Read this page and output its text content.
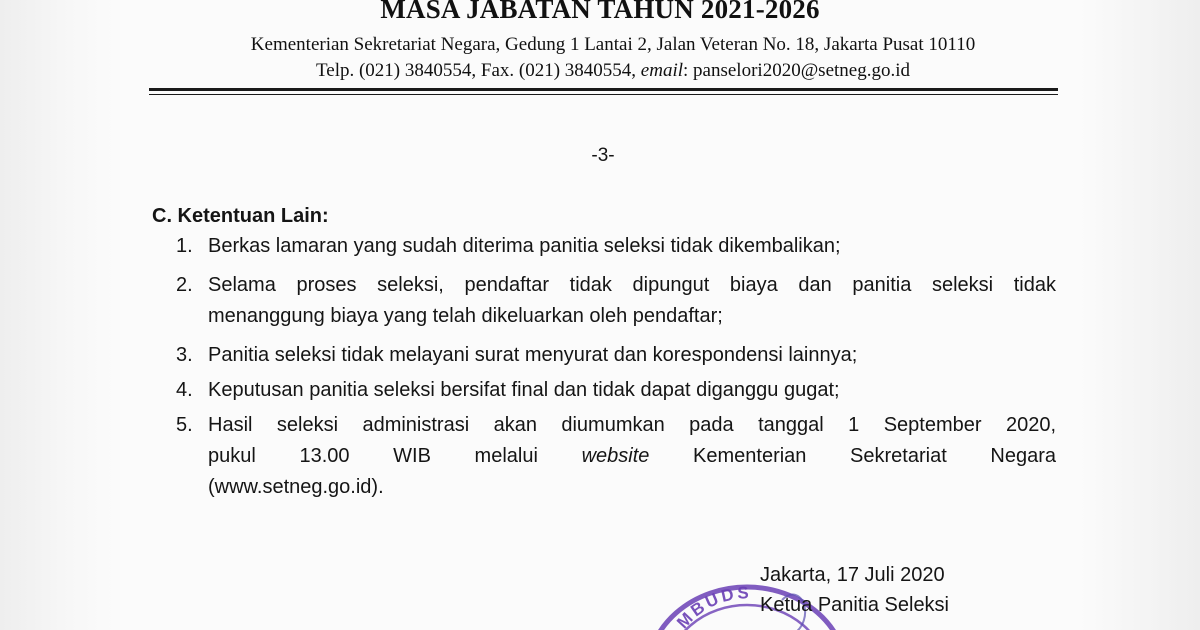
MASA JABATAN TAHUN 2021-2026
Kementerian Sekretariat Negara, Gedung 1 Lantai 2, Jalan Veteran No. 18, Jakarta Pusat 10110
Telp. (021) 3840554, Fax. (021) 3840554, email: panselori2020@setneg.go.id
-3-
C. Ketentuan Lain:
1. Berkas lamaran yang sudah diterima panitia seleksi tidak dikembalikan;
2. Selama proses seleksi, pendaftar tidak dipungut biaya dan panitia seleksi tidak
menanggung biaya yang telah dikeluarkan oleh pendaftar;
3. Panitia seleksi tidak melayani surat menyurat dan korespondensi lainnya;
4. Keputusan panitia seleksi bersifat final dan tidak dapat diganggu gugat;
5. Hasil seleksi administrasi akan diumumkan pada tanggal 1 September 2020,
pukul 13.00 WIB melalui website Kementerian Sekretariat Negara
(www.setneg.go.id).
MBUDS
Jakarta, 17 Juli 2020
Ketua Panitia Seleksi
